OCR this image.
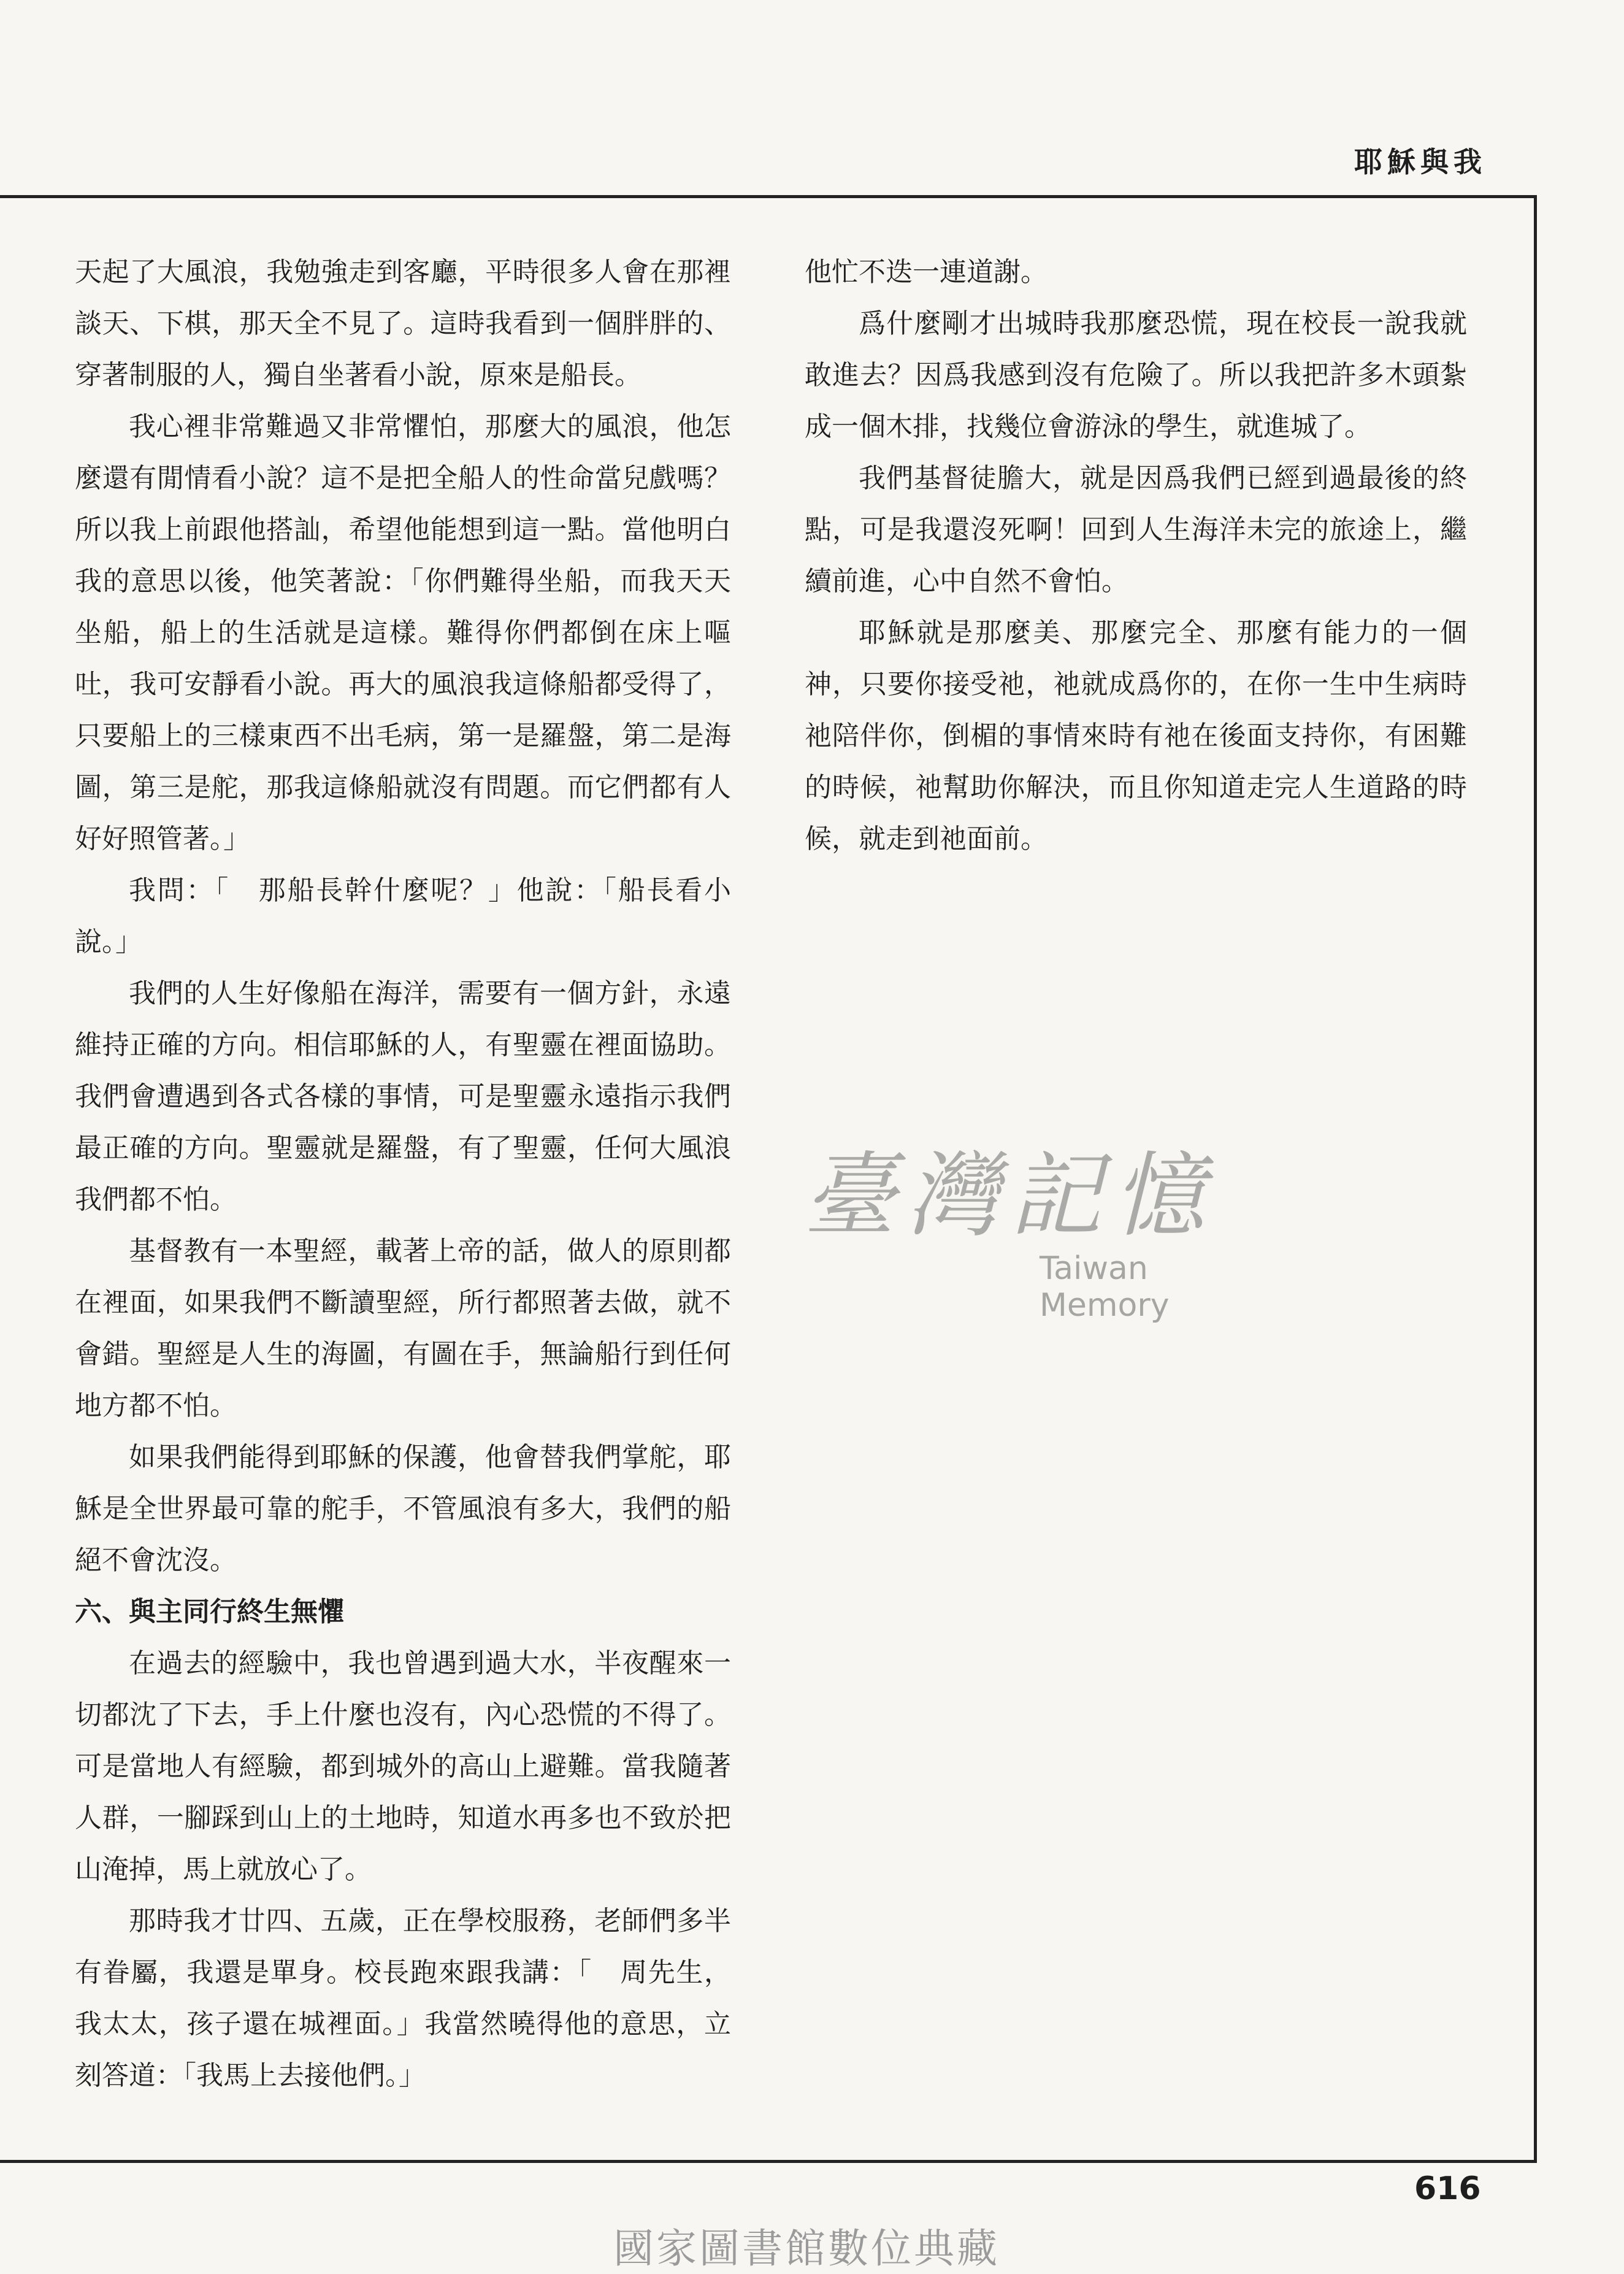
耶穌與我

天起了大風浪，我勉強走到客廳，平時很多人會在那裡談天、下棋，那天全不見了。這時我看到一個胖胖的、穿著制服的人，獨自坐著看小說，原來是船長。

我心裡非常難過又非常懼怕，那麼大的風浪，他怎麼還有閒情看小說？這不是把全船人的性命當兒戲嗎？所以我上前跟他搭訕，希望他能想到這一點。當他明白我的意思以後，他笑著說：「你們難得坐船，而我天天坐船，船上的生活就是這樣。難得你們都倒在床上嘔吐，我可安靜看小說。再大的風浪我這條船都受得了，只要船上的三樣東西不出毛病，第一是羅盤，第二是海圖，第三是舵，那我這條船就沒有問題。而它們都有人好好照管著。」

我問：「　那船長幹什麼呢？」他說：「船長看小說。」

我們的人生好像船在海洋，需要有一個方針，永遠維持正確的方向。相信耶穌的人，有聖靈在裡面協助。我們會遭遇到各式各樣的事情，可是聖靈永遠指示我們最正確的方向。聖靈就是羅盤，有了聖靈，任何大風浪我們都不怕。

基督教有一本聖經，載著上帝的話，做人的原則都在裡面，如果我們不斷讀聖經，所行都照著去做，就不會錯。聖經是人生的海圖，有圖在手，無論船行到任何地方都不怕。

如果我們能得到耶穌的保護，他會替我們掌舵，耶穌是全世界最可靠的舵手，不管風浪有多大，我們的船絕不會沈沒。

六、與主同行終生無懼

在過去的經驗中，我也曾遇到過大水，半夜醒來一切都沈了下去，手上什麼也沒有，內心恐慌的不得了。可是當地人有經驗，都到城外的高山上避難。當我隨著人群，一腳踩到山上的土地時，知道水再多也不致於把山淹掉，馬上就放心了。

那時我才廿四、五歲，正在學校服務，老師們多半有眷屬，我還是單身。校長跑來跟我講：「　周先生，我太太，孩子還在城裡面。」我當然曉得他的意思，立刻答道：「我馬上去接他們。」

他忙不迭一連道謝。

爲什麼剛才出城時我那麼恐慌，現在校長一說我就敢進去？因爲我感到沒有危險了。所以我把許多木頭紮成一個木排，找幾位會游泳的學生，就進城了。

我們基督徒膽大，就是因爲我們已經到過最後的終點，可是我還沒死啊！回到人生海洋未完的旅途上，繼續前進，心中自然不會怕。

耶穌就是那麼美、那麼完全、那麼有能力的一個神，只要你接受祂，祂就成爲你的，在你一生中生病時祂陪伴你，倒楣的事情來時有祂在後面支持你，有困難的時候，祂幫助你解決，而且你知道走完人生道路的時候，就走到祂面前。

臺灣記憶
Taiwan Memory
616
國家圖書館數位典藏
